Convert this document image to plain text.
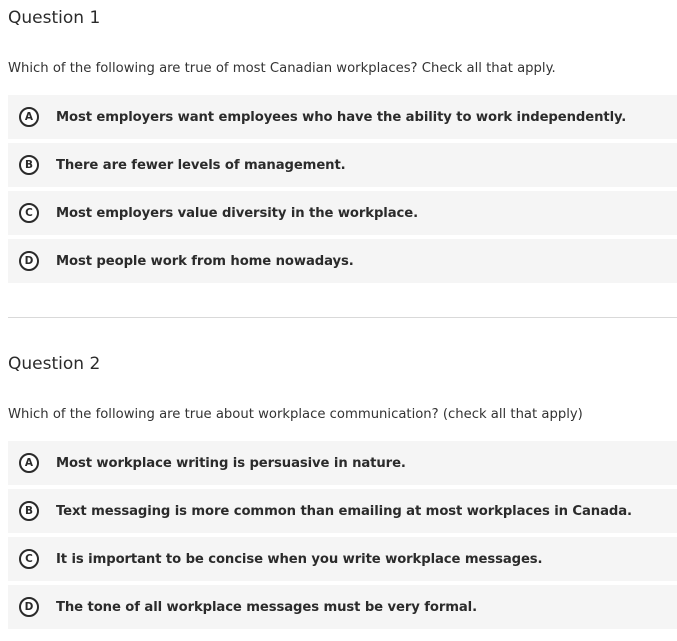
Question 1

Which of the following are true of most Canadian workplaces? Check all that apply.

A	Most employers want employees who have the ability to work independently.
B	There are fewer levels of management.
C	Most employers value diversity in the workplace.
D	Most people work from home nowadays.
Question 2

Which of the following are true about workplace communication? (check all that apply)

A	Most workplace writing is persuasive in nature.
B	Text messaging is more common than emailing at most workplaces in Canada.
C	It is important to be concise when you write workplace messages.
D	The tone of all workplace messages must be very formal.
